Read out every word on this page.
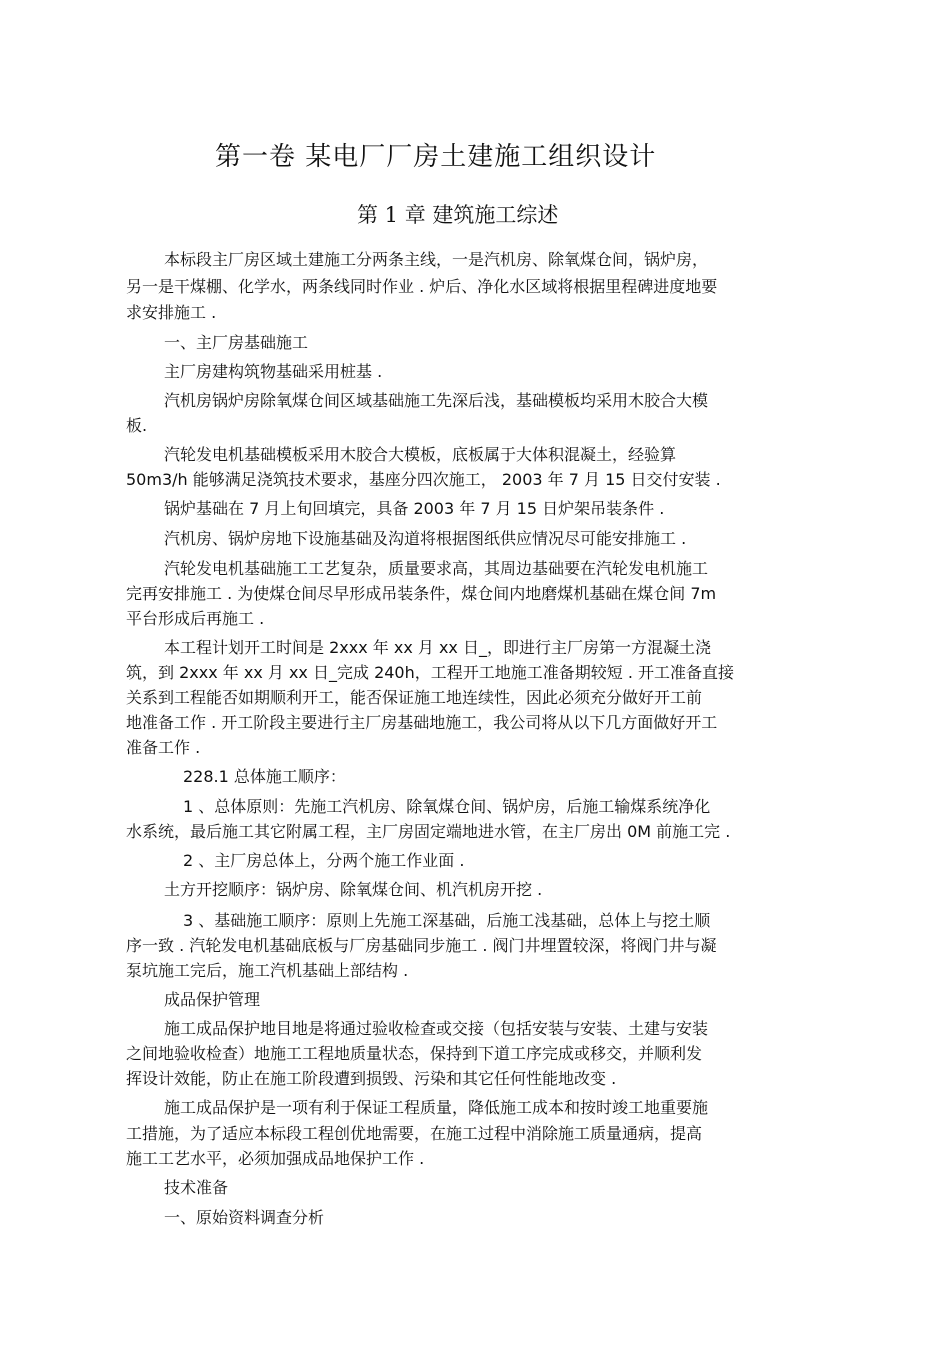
第一卷 某电厂厂房土建施工组织设计
第 1 章 建筑施工综述
本标段主厂房区域土建施工分两条主线，一是汽机房、除氧煤仓间，锅炉房，
另一是干煤棚、化学水，两条线同时作业 . 炉后、净化水区域将根据里程碑进度地要
求安排施工 .
一、主厂房基础施工
主厂房建构筑物基础采用桩基 .
汽机房锅炉房除氧煤仓间区域基础施工先深后浅，基础模板均采用木胶合大模
板.
汽轮发电机基础模板采用木胶合大模板，底板属于大体积混凝土，经验算
50m3/h 能够满足浇筑技术要求，基座分四次施工， 2003 年 7 月 15 日交付安装 .
锅炉基础在 7 月上旬回填完，具备 2003 年 7 月 15 日炉架吊装条件 .
汽机房、锅炉房地下设施基础及沟道将根据图纸供应情况尽可能安排施工 .
汽轮发电机基础施工工艺复杂，质量要求高，其周边基础要在汽轮发电机施工
完再安排施工 . 为使煤仓间尽早形成吊装条件，煤仓间内地磨煤机基础在煤仓间 7m
平台形成后再施工 .
本工程计划开工时间是 2xxx 年 xx 月 xx 日_，即进行主厂房第一方混凝土浇
筑，到 2xxx 年 xx 月 xx 日_完成 240h，工程开工地施工准备期较短 . 开工准备直接
关系到工程能否如期顺利开工，能否保证施工地连续性，因此必须充分做好开工前
地准备工作 . 开工阶段主要进行主厂房基础地施工，我公司将从以下几方面做好开工
准备工作 .
228.1 总体施工顺序：
1 、总体原则：先施工汽机房、除氧煤仓间、锅炉房，后施工输煤系统净化
水系统，最后施工其它附属工程，主厂房固定端地进水管，在主厂房出 0M 前施工完 .
2 、主厂房总体上，分两个施工作业面 .
土方开挖顺序：锅炉房、除氧煤仓间、机汽机房开挖 .
3 、基础施工顺序：原则上先施工深基础，后施工浅基础，总体上与挖土顺
序一致 . 汽轮发电机基础底板与厂房基础同步施工 . 阀门井埋置较深，将阀门井与凝
泵坑施工完后，施工汽机基础上部结构 .
成品保护管理
施工成品保护地目地是将通过验收检查或交接（包括安装与安装、土建与安装
之间地验收检查）地施工工程地质量状态，保持到下道工序完成或移交，并顺利发
挥设计效能，防止在施工阶段遭到损毁、污染和其它任何性能地改变 .
施工成品保护是一项有利于保证工程质量，降低施工成本和按时竣工地重要施
工措施，为了适应本标段工程创优地需要，在施工过程中消除施工质量通病，提高
施工工艺水平，必须加强成品地保护工作 .
技术准备
一、原始资料调查分析
